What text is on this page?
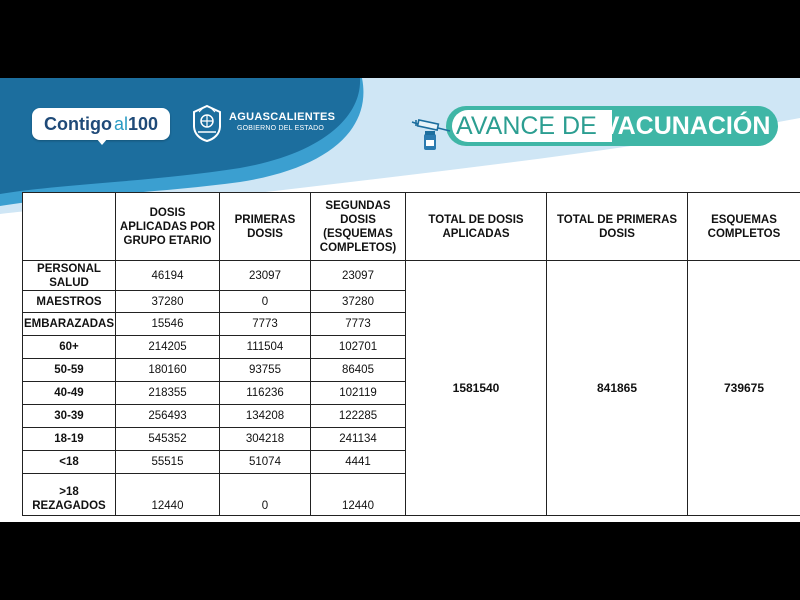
Contigo al 100	AGUASCALIENTES
GOBIERNO DEL ESTADO	AVANCE DE VACUNACIÓN
	DOSIS APLICADAS POR GRUPO ETARIO	PRIMERAS DOSIS	SEGUNDAS DOSIS (ESQUEMAS COMPLETOS)	TOTAL DE DOSIS APLICADAS	TOTAL DE PRIMERAS DOSIS	ESQUEMAS COMPLETOS
PERSONAL SALUD	46194	23097	23097	1581540	841865	739675
MAESTROS	37280	0	37280			
EMBARAZADAS	15546	7773	7773			
60+	214205	111504	102701			
50-59	180160	93755	86405			
40-49	218355	116236	102119			
30-39	256493	134208	122285			
18-19	545352	304218	241134			
<18	55515	51074	4441			
>18 REZAGADOS	12440	0	12440			
